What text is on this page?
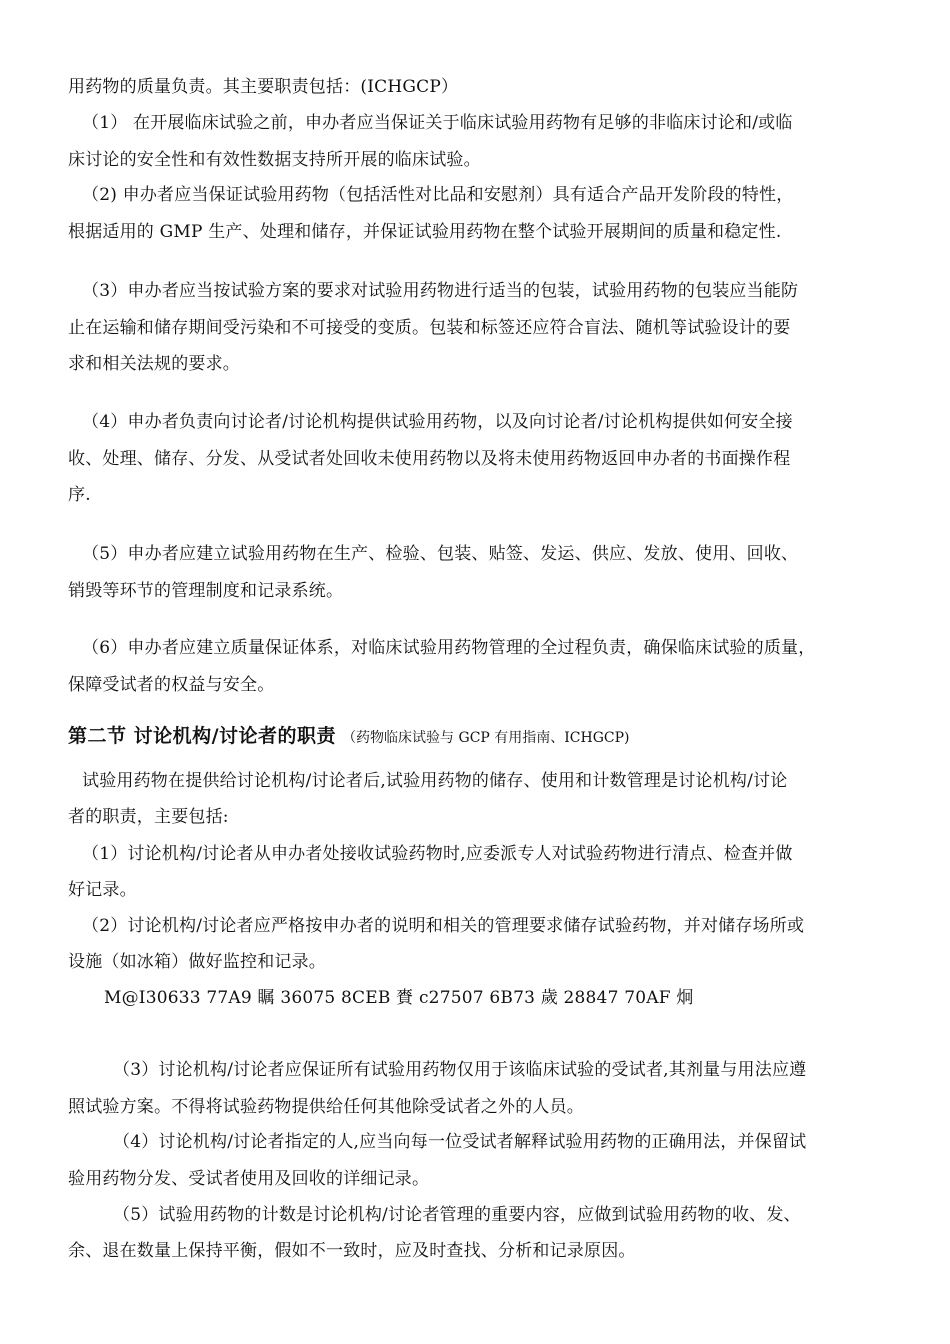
用药物的质量负责。其主要职责包括：(ICHGCP）
（1） 在开展临床试验之前，申办者应当保证关于临床试验用药物有足够的非临床讨论和/或临
床讨论的安全性和有效性数据支持所开展的临床试验。
（2) 申办者应当保证试验用药物（包括活性对比品和安慰剂）具有适合产品开发阶段的特性，
根据适用的 GMP 生产、处理和储存，并保证试验用药物在整个试验开展期间的质量和稳定性.
（3）申办者应当按试验方案的要求对试验用药物进行适当的包装，试验用药物的包装应当能防
止在运输和储存期间受污染和不可接受的变质。包装和标签还应符合盲法、随机等试验设计的要
求和相关法规的要求。
（4）申办者负责向讨论者/讨论机构提供试验用药物，以及向讨论者/讨论机构提供如何安全接
收、处理、储存、分发、从受试者处回收未使用药物以及将未使用药物返回申办者的书面操作程
序.
（5）申办者应建立试验用药物在生产、检验、包装、贴签、发运、供应、发放、使用、回收、
销毁等环节的管理制度和记录系统。
（6）申办者应建立质量保证体系，对临床试验用药物管理的全过程负责，确保临床试验的质量，
保障受试者的权益与安全。
第二节 讨论机构/讨论者的职责 （药物临床试验与 GCP 有用指南、ICHGCP)
试验用药物在提供给讨论机构/讨论者后,试验用药物的储存、使用和计数管理是讨论机构/讨论
者的职责，主要包括:
（1）讨论机构/讨论者从申办者处接收试验药物时,应委派专人对试验药物进行清点、检查并做
好记录。
（2）讨论机构/讨论者应严格按申办者的说明和相关的管理要求储存试验药物，并对储存场所或
设施（如冰箱）做好监控和记录。
M@I30633 77A9 瞩 36075 8CEB 賚 c27507 6B73 歲 28847 70AF 炯
（3）讨论机构/讨论者应保证所有试验用药物仅用于该临床试验的受试者,其剂量与用法应遵
照试验方案。不得将试验药物提供给任何其他除受试者之外的人员。
（4）讨论机构/讨论者指定的人,应当向每一位受试者解释试验用药物的正确用法，并保留试
验用药物分发、受试者使用及回收的详细记录。
（5）试验用药物的计数是讨论机构/讨论者管理的重要内容，应做到试验用药物的收、发、
余、退在数量上保持平衡，假如不一致时，应及时查找、分析和记录原因。
